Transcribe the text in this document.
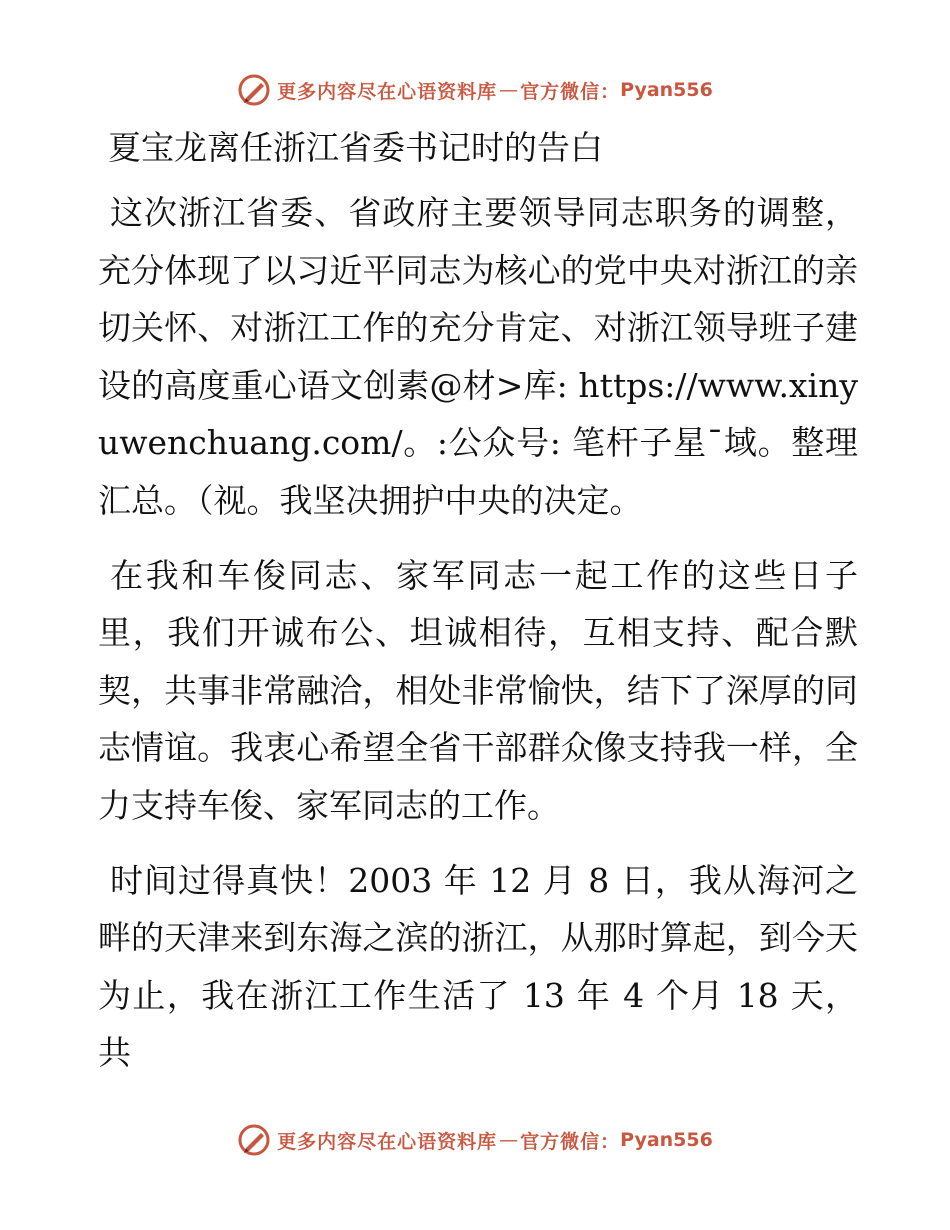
更多内容尽在心语资料库 — 官方微信： Pyan556
夏宝龙离任浙江省委书记时的告白

这次浙江省委、省政府主要领导同志职务的调整，充分体现了以习近平同志为核心的党中央对浙江的亲切关怀、对浙江工作的充分肯定、对浙江领导班子建设的高度重心语文创素@材>库: https://www.xinyuwenchuang.com/。:公众号: 笔杆子星¯域。整理汇总。（视。我坚决拥护中央的决定。

在我和车俊同志、家军同志一起工作的这些日子里，我们开诚布公、坦诚相待，互相支持、配合默契，共事非常融洽，相处非常愉快，结下了深厚的同志情谊。我衷心希望全省干部群众像支持我一样，全力支持车俊、家军同志的工作。

时间过得真快！2003 年 12 月 8 日，我从海河之畔的天津来到东海之滨的浙江，从那时算起，到今天为止，我在浙江工作生活了 13 年 4 个月 18 天，共

更多内容尽在心语资料库 — 官方微信： Pyan556
